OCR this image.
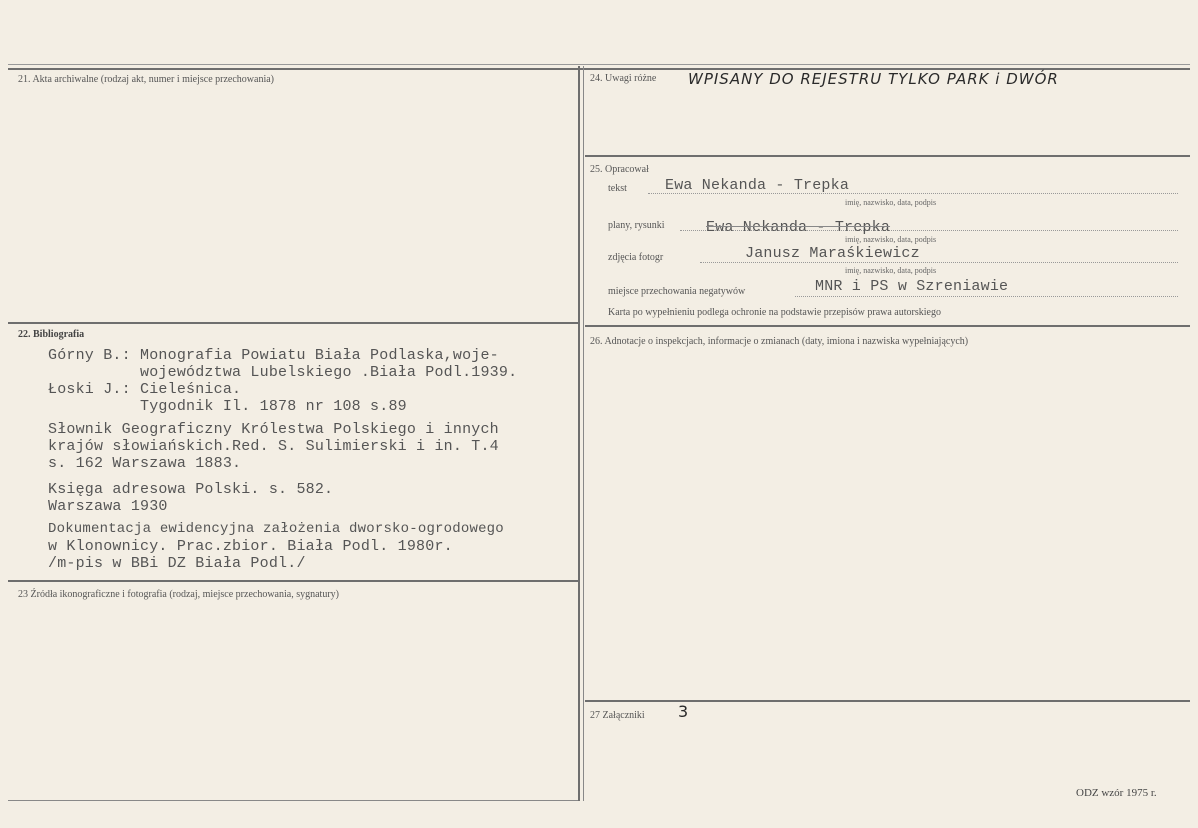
21. Akta archiwalne (rodzaj akt, numer i miejsce przechowania)
22. Bibliografia
Górny B.: Monografia Powiatu Biała Podlaska,woje-
województwa Lubelskiego .Biała Podl.1939.
Łoski J.: Cieleśnica.
Tygodnik Il. 1878 nr 108 s.89
Słownik Geograficzny Królestwa Polskiego i innych
krajów słowiańskich.Red. S. Sulimierski i in. T.4
s. 162 Warszawa 1883.
Księga adresowa Polski. s. 582.
Warszawa 1930
Dokumentacja ewidencyjna założenia dworsko-ogrodowego
w Klonownicy. Prac.zbior. Biała Podl. 1980r.
/m-pis w BBi DZ Biała Podl./
23 Źródła ikonograficzne i fotografia (rodzaj, miejsce przechowania, sygnatury)
24. Uwagi różne WPISANY DO REJESTRU TYLKO PARK i DWÓR
25. Opracował
tekst	Ewa Nekanda - Trepka
imię, nazwisko, data, podpis
plany, rysunki	Ewa Nekanda - Trepka
imię, nazwisko, data, podpis
zdjęcia fotogr	Janusz Maraśkiewicz
imię, nazwisko, data, podpis
miejsce przechowania negatywów	MNR i PS w Szreniawie
Karta po wypełnieniu podlega ochronie na podstawie przepisów prawa autorskiego
26. Adnotacje o inspekcjach, informacje o zmianach (daty, imiona i nazwiska wypełniających)
27 Załączniki 3
ODZ wzór 1975 r.
